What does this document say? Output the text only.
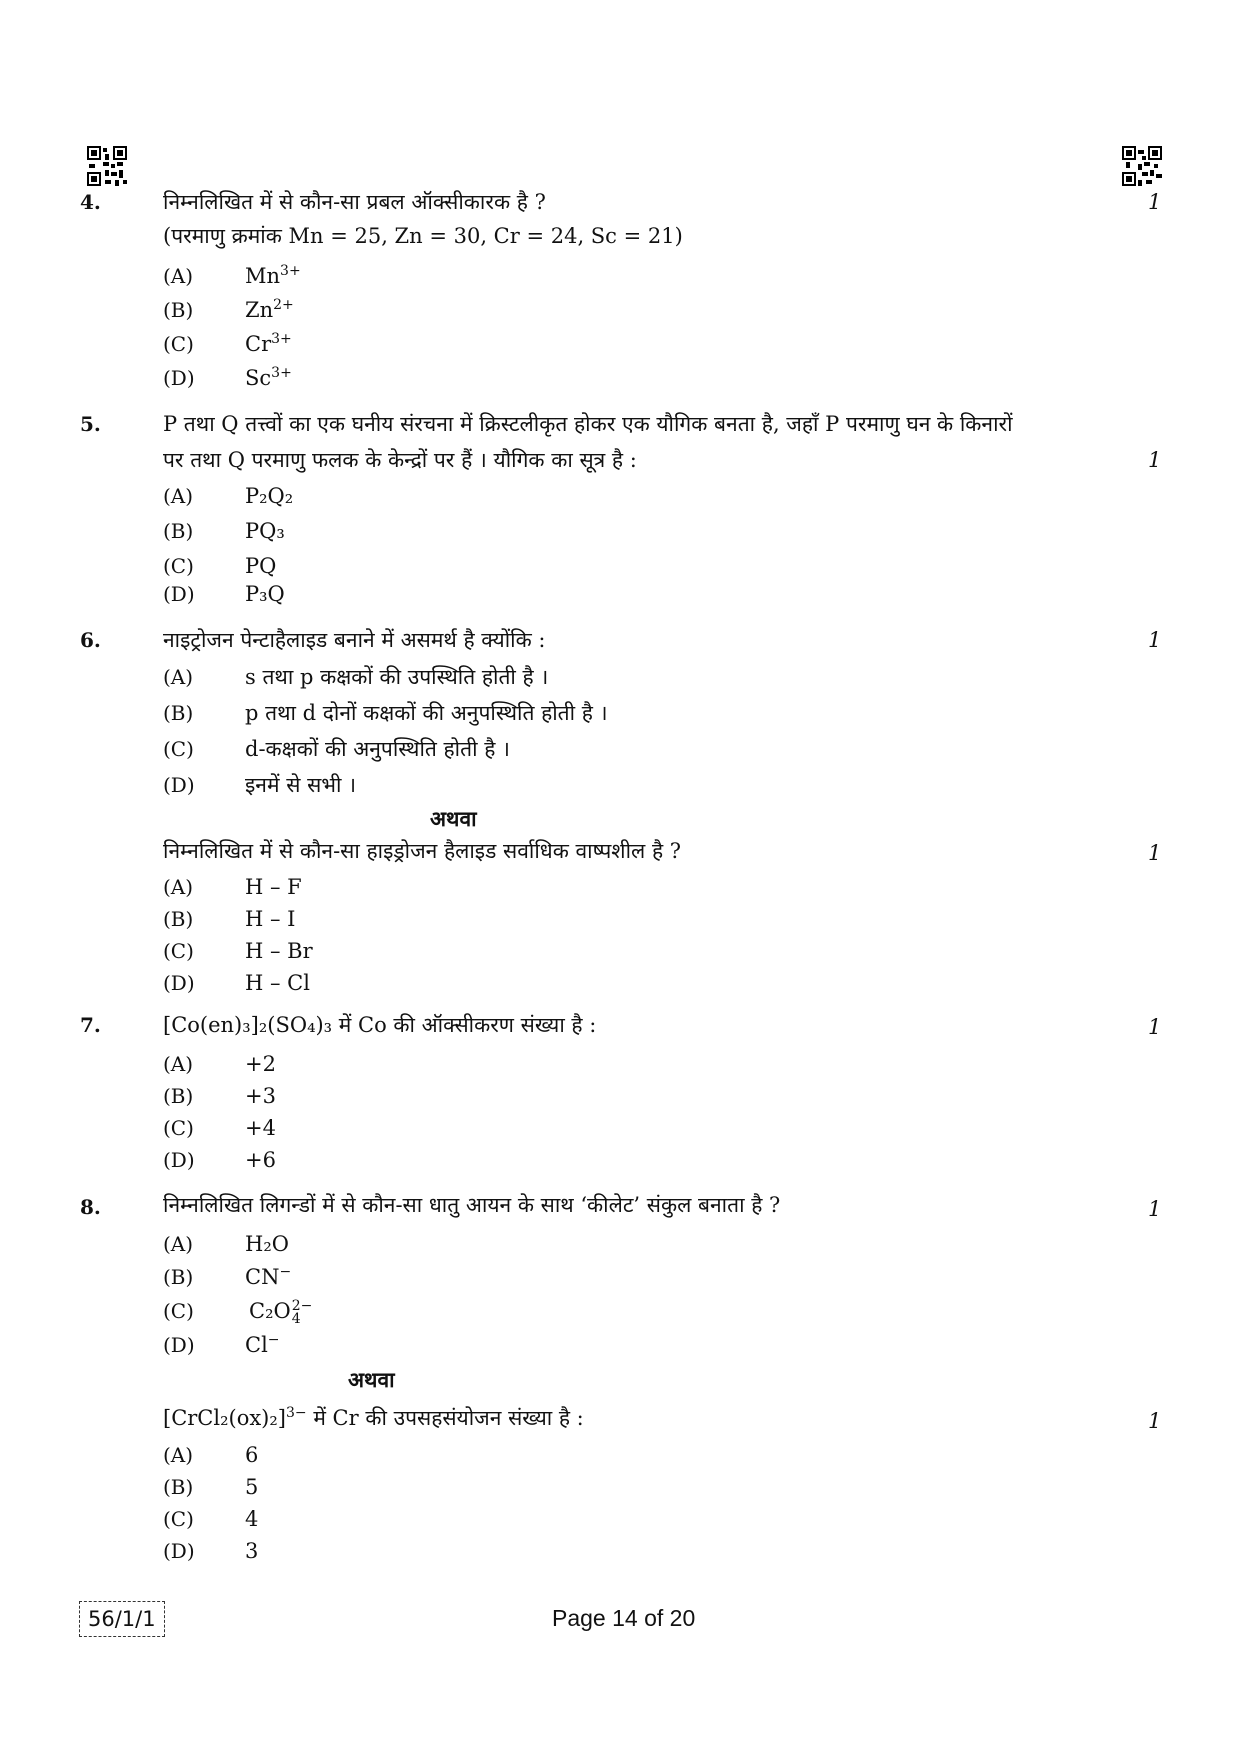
4.	निम्नलिखित में से कौन-सा प्रबल ऑक्सीकारक है ?	1
(परमाणु क्रमांक Mn = 25, Zn = 30, Cr = 24, Sc = 21)
(A) $Mn^{3+}$
(B) $Zn^{2+}$
(C) $Cr^{3+}$
(D) $Sc^{3+}$
5.	P तथा Q तत्त्वों का एक घनीय संरचना में क्रिस्टलीकृत होकर एक यौगिक बनता है, जहाँ P परमाणु घन के किनारों
पर तथा Q परमाणु फलक के केन्द्रों पर हैं । यौगिक का सूत्र है :	1
(A) P₂Q₂
(B) PQ₃
(C) PQ
(D) P₃Q
6.	नाइट्रोजन पेन्टाहैलाइड बनाने में असमर्थ है क्योंकि :	1
(A) s तथा p कक्षकों की उपस्थिति होती है ।
(B) p तथा d दोनों कक्षकों की अनुपस्थिति होती है ।
(C) d-कक्षकों की अनुपस्थिति होती है ।
(D) इनमें से सभी ।
अथवा
निम्नलिखित में से कौन-सा हाइड्रोजन हैलाइड सर्वाधिक वाष्पशील है ?	1
(A) H – F
(B) H – I
(C) H – Br
(D) H – Cl
7.	[Co(en)₃]₂(SO₄)₃ में Co की ऑक्सीकरण संख्या है :	1
(A) +2
(B) +3
(C) +4
(D) +6
8.	निम्नलिखित लिगन्डों में से कौन-सा धातु आयन के साथ ‘कीलेट’ संकुल बनाता है ?	1
(A) H₂O
(B) CN−
(C)	C₂O 2−
4
(D) Cl−
अथवा
[CrCl₂(ox)₂]$^{3-}$ में Cr की उपसहसंयोजन संख्या है :	1
(A) 6
(B) 5
(C) 4
(D) 3
56/1/1	Page 14 of 20
